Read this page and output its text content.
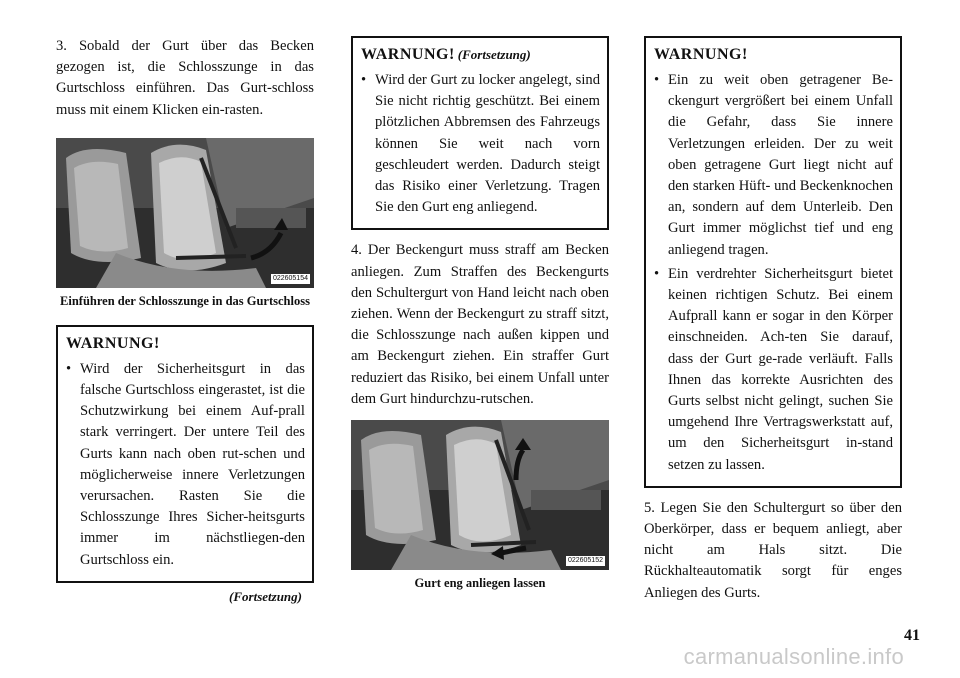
3. Sobald der Gurt über das Becken gezogen ist, die Schlosszunge in das Gurtschloss einführen. Das Gurt-schloss muss mit einem Klicken ein-rasten.

022605154
Einführen der Schlosszunge in das Gurtschloss
WARNUNG!
• Wird der Sicherheitsgurt in das falsche Gurtschloss eingerastet, ist die Schutzwirkung bei einem Auf-prall stark verringert. Der untere Teil des Gurts kann nach oben rut-schen und möglicherweise innere Verletzungen verursachen. Rasten Sie die Schlosszunge Ihres Sicher-heitsgurts immer im nächstliegen-den Gurtschloss ein.
(Fortsetzung)
WARNUNG! (Fortsetzung)
• Wird der Gurt zu locker angelegt, sind Sie nicht richtig geschützt. Bei einem plötzlichen Abbremsen des Fahrzeugs können Sie weit nach vorn geschleudert werden. Dadurch steigt das Risiko einer Verletzung. Tragen Sie den Gurt eng anliegend.

4. Der Beckengurt muss straff am Becken anliegen. Zum Straffen des Beckengurts den Schultergurt von Hand leicht nach oben ziehen. Wenn der Beckengurt zu straff sitzt, die Schlosszunge nach außen kippen und am Beckengurt ziehen. Ein straffer Gurt reduziert das Risiko, bei einem Unfall unter dem Gurt hindurchzu-rutschen.

022605152
Gurt eng anliegen lassen
WARNUNG!
• Ein zu weit oben getragener Be-ckengurt vergrößert bei einem Unfall die Gefahr, dass Sie innere Verletzungen erleiden. Der zu weit oben getragene Gurt liegt nicht auf den starken Hüft- und Beckenknochen an, sondern auf dem Unterleib. Den Gurt immer möglichst tief und eng anliegend tragen.
• Ein verdrehter Sicherheitsgurt bietet keinen richtigen Schutz. Bei einem Aufprall kann er sogar in den Körper einschneiden. Ach-ten Sie darauf, dass der Gurt ge-rade verläuft. Falls Ihnen das korrekte Ausrichten des Gurts selbst nicht gelingt, suchen Sie umgehend Ihre Vertragswerkstatt auf, um den Sicherheitsgurt in-stand setzen zu lassen.

5. Legen Sie den Schultergurt so über den Oberkörper, dass er bequem anliegt, aber nicht am Hals sitzt. Die Rückhalteautomatik sorgt für enges Anliegen des Gurts.

41
carmanualsonline.info
